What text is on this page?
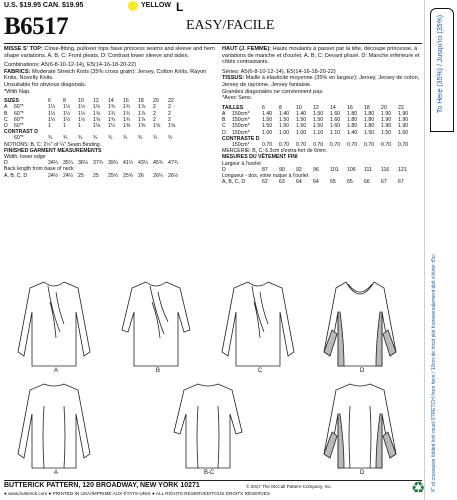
U.S. $19.95 CAN. $19.95	YELLOW L
B6517	EASY/FACILE

MISSE S' TOP: Close-fitting, pullover tops have princess seams and sleeve and hem shape variations. A, B, C: Front pleats, D: Contrast lower sleeve and sides.

Combinations: A5(6-8-10-12-14), E5(14-16-18-20-22)

FABRICS: Moderate Stretch Knits (35% cross grain): Jersey, Cotton Knits, Rayon Knits, Novelty Knits.

Unsuitable for obvious diagonals.

*With Nap.

SIZES	6	8	10	12	14	16	18	20	22
A 60"*	1½	1½	1½	1½	1¾	1¾	1⅞	2	2
B 60"*	1½	1½	1½	1⅝	1¾	1¾	1⅞	2	2
C 60"*	1½	1½	1½	1⅝	1¾	1¾	1⅞	2	2
D 60"*	1	1	1	1⅛	1¼	1⅜	1⅜	1⅝	1⅝
CONTRAST D
60"*	¾	¾	¾	¾	¾	¾	¾	¾	¾
NOTIONS: B, C: 2½" of ¼" Seam Binding.
FINISHED GARMENT MEASUREMENTS
Width, lower edge
D	34¼ 35¼ 36¼ 37¾ 39¼ 41¼ 43¼ 45¾ 47¾
Back length from base of neck
A, B, C, D	24½ 24½ 25	25	25½ 25¾ 26	26¼ 26½

HAUT (J. FEMME): Hauts moulants à passer par la tête, découpe princesse, à variations de manche et d'ourlet. A, B, C: Devant plissé. D: Manche inférieure et côtés contrastants.

Séries: A5(6-8-10-12-14), E5(14-16-18-20-22)

TISSUS: Maille à élasticité moyenne (35% en largeur): Jersey, Jersey de coton, Jersey de rayonne, Jersey fantaisie.

Grandes diagonales ne conviennent pas.

*Avec Sens.

TAILLES	6	8	10	12	14	16	18	20	22
A 150cm*	1.40	1.40	1.40	1.50	1.60	1.80	1.80	1.90	1.90
B 150cm*	1.50	1.50	1.50	1.50	1.60	1.80	1.80	1.90	1.90
C 150cm*	1.50	1.50	1.50	1.50	1.60	1.80	1.80	1.90	1.90
D 150cm*	1.00	1.00	1.00	1.10	1.10	1.40	1.50	1.50	1.50
CONTRASTE D
150cm*	0.70	0.70	0.70	0.70	0.70	0.70	0.70	0.70	0.70
MERCERIE: B, C: 6.3cm d'extra-fort de 6mm.
MESURES DU VÊTEMENT FINI
Largeur à l'ourlet
D	87	90	92	96	101	106	111	116	121
Longueur - dos, votre nuque à l'ourlet
A, B, C, D	62	63	64	64	65	65	66	67	67
A	B	C	D
A	B-C	D
To Here (35%) / Jusqu'ici (35%)
4" of crosswise folded knit must STRETCH from here / 10cm de tricot plié transversalement doit s'étirer d'ici
BUTTERICK PATTERN, 120 BROADWAY, NEW YORK 10271	© 2017 The McCall Pattern Company, Inc.
● www.butterick.com ● PRINTED IN USA/IMPRIMÉ AUX ÉTATS-UNIS ● ALL RIGHTS RESERVED/TOUS DROITS RÉSERVÉS	♻
